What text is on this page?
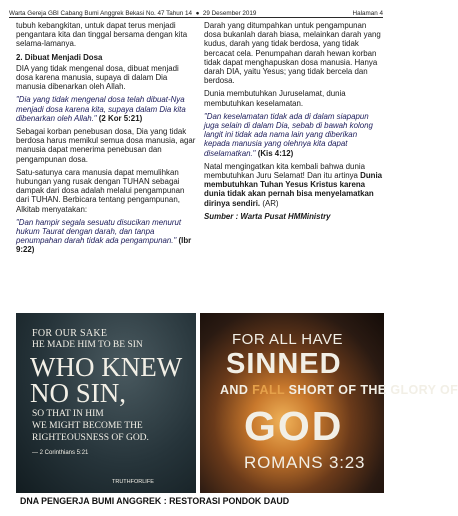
Warta Gereja GBI Cabang Bumi Anggrek Bekasi No. 47 Tahun 14 ● 29 Desember 2019	Halaman 4

tubuh kebangkitan, untuk dapat terus menjadi pengantara kita dan tinggal bersama dengan kita selama-lamanya.

2. Dibuat Menjadi Dosa

DIA yang tidak mengenal dosa, dibuat menjadi dosa karena manusia, supaya di dalam Dia manusia dibenarkan oleh Allah.

"Dia yang tidak mengenal dosa telah dibuat-Nya menjadi dosa karena kita, supaya dalam Dia kita dibenarkan oleh Allah." (2 Kor 5:21)

Sebagai korban penebusan dosa, Dia yang tidak berdosa harus memikul semua dosa manusia, agar manusia dapat menerima penebusan dan pengampunan dosa.

Satu-satunya cara manusia dapat memulihkan hubungan yang rusak dengan TUHAN sebagai dampak dari dosa adalah melalui pengampunan dari TUHAN. Berbicara tentang pengampunan, Alkitab menyatakan:

"Dan hampir segala sesuatu disucikan menurut hukum Taurat dengan darah, dan tanpa penumpahan darah tidak ada pengampunan." (Ibr 9:22)

Darah yang ditumpahkan untuk pengampunan dosa bukanlah darah biasa, melainkan darah yang kudus, darah yang tidak berdosa, yang tidak bercacat cela. Penumpahan darah hewan korban tidak dapat menghapuskan dosa manusia. Hanya darah DIA, yaitu Yesus; yang tidak bercela dan berdosa.

Dunia membutuhkan Juruselamat, dunia membutuhkan keselamatan.

"Dan keselamatan tidak ada di dalam siapapun juga selain di dalam Dia, sebab di bawah kolong langit ini tidak ada nama lain yang diberikan kepada manusia yang olehnya kita dapat diselamatkan." (Kis 4:12)

Natal mengingatkan kita kembali bahwa dunia membutuhkan Juru Selamat! Dan itu artinya Dunia membutuhkan Tuhan Yesus Kristus karena dunia tidak akan pernah bisa menyelamatkan dirinya sendiri. (AR)

Sumber : Warta Pusat HMMinistry

FOR OUR SAKE
HE MADE HIM TO BE SIN
WHO KNEW
NO SIN,
SO THAT IN HIM
WE MIGHT BECOME THE
RIGHTEOUSNESS OF GOD.
— 2 Corinthians 5:21
TRUTHFORLIFE
FOR ALL HAVE
SINNED
AND FALL SHORT OF THE GLORY OF
GOD
ROMANS 3:23
DNA PENGERJA BUMI ANGGREK : RESTORASI PONDOK DAUD
